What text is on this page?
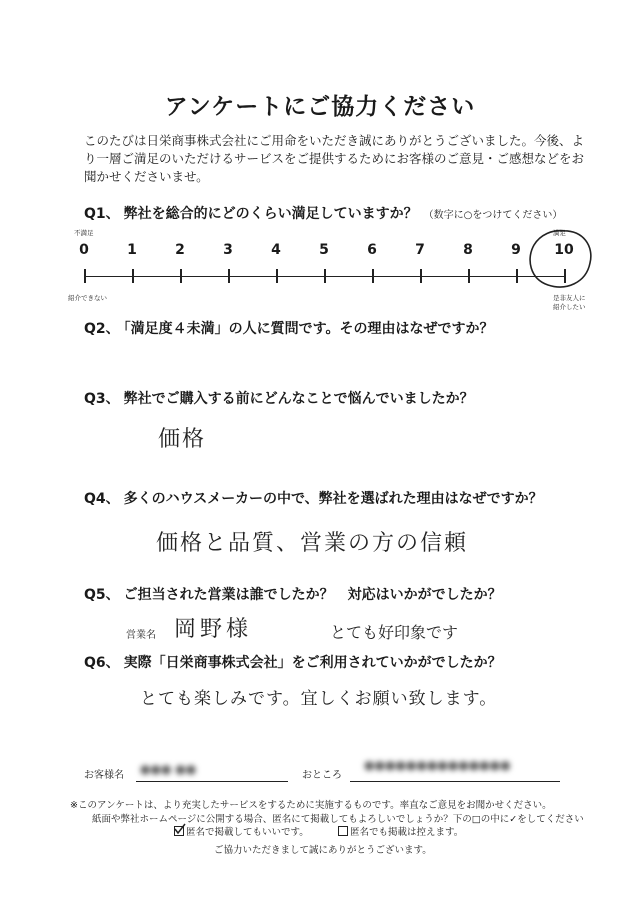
アンケートにご協力ください
このたびは日栄商事株式会社にご用命をいただき誠にありがとうございました。今後、より一層ご満足のいただけるサービスをご提供するためにお客様のご意見・ご感想などをお聞かせくださいませ。
Q1、 弊社を総合的にどのくらい満足していますか？ （数字に○をつけてください）
不満足	満足
0	1	2	3	4	5	6	7	8	9	10
紹介できない	是非友人に
紹介したい
Q2、 「満足度４未満」の人に質問です。その理由はなぜですか？
Q3、 弊社でご購入する前にどんなことで悩んでいましたか？
価格
Q4、 多くのハウスメーカーの中で、弊社を選ばれた理由はなぜですか？
価格と品質、営業の方の信頼
Q5、 ご担当された営業は誰でしたか？　対応はいかがでしたか？
営業名 岡野様	とても好印象です
Q6、 実際「日栄商事株式会社」をご利用されていかがでしたか？
とても楽しみです。宜しくお願い致します。
お客様名 ●●● ●●	おところ
●●●●●●●●●●●●●●
※このアンケートは、より充実したサービスをするために実施するものです。率直なご意見をお聞かせください。
紙面や弊社ホームページに公開する場合、匿名にて掲載してもよろしいでしょうか？下の□の中に✓をしてください
匿名で掲載してもいいです。	匿名でも掲載は控えます。
ご協力いただきまして誠にありがとうございます。
